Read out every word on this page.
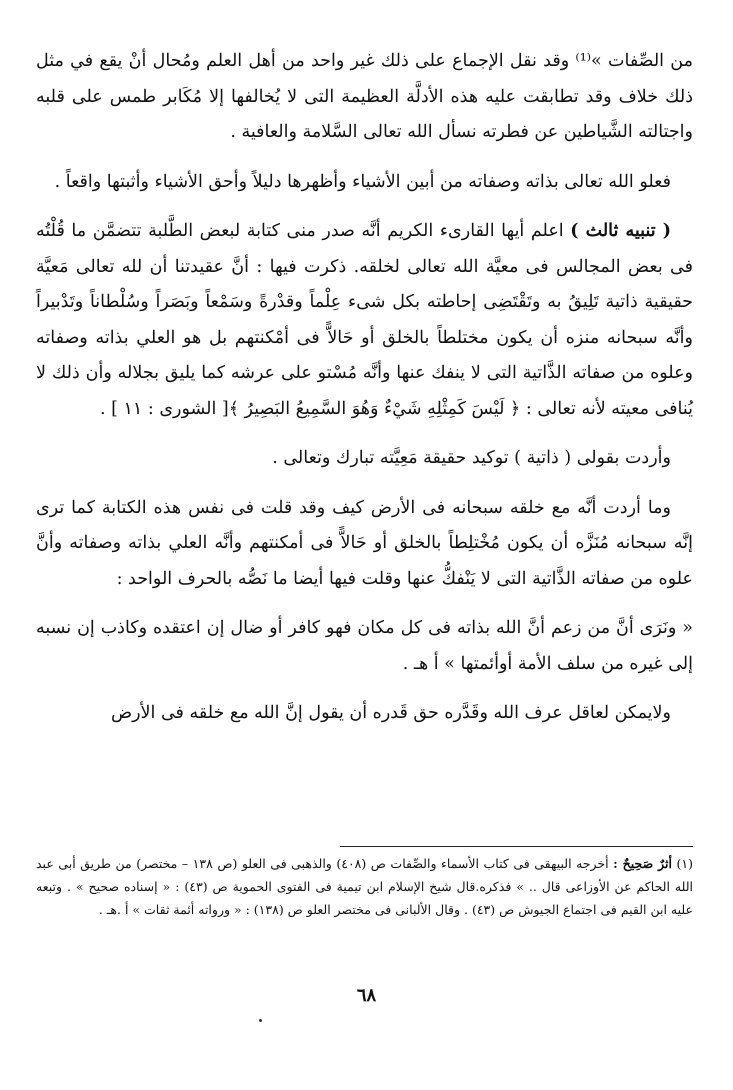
من الصِّفات »⁽¹⁾ وقد نقل الإجماع على ذلك غير واحد من أهل العلم ومُحال أنْ يقع في مثل ذلك خلاف وقد تطابقت عليه هذه الأدلَّة العظيمة التى لا يُخالفها إلا مُكَابر طمس على قلبه واجتالته الشَّياطين عن فطرته نسأل الله تعالى السَّلامة والعافية .

فعلو الله تعالى بذاته وصفاته من أبين الأشياء وأظهرها دليلاً وأحق الأشياء وأثبتها واقعاً .

( تنبيه ثالث ) اعلم أيها القارىء الكريم أنَّه صدر منى كتابة لبعض الطَّلبة تتضمَّن ما قُلْتُه فى بعض المجالس فى معيَّة الله تعالى لخلقه. ذكرت فيها : أنَّ عقيدتنا أن لله تعالى مَعيَّة حقيقية ذاتية تَلِيقُ به وتَقْتَضِى إحاطته بكل شىء عِلْماً وقدْرةً وسَمْعاً وبَصَراً وسُلْطاناً وتَدْبيراً وأنَّه سبحانه منزه أن يكون مختلطاً بالخلق أو حَالاًّ فى أمْكنتهم بل هو العلي بذاته وصفاته وعلوه من صفاته الذَّاتية التى لا ينفك عنها وأنَّه مُسْتو على عرشه كما يليق بجلاله وأن ذلك لا يُنافى معيته لأنه تعالى : ﴿ لَيْسَ كَمِثْلِهِ شَيْءٌ وَهُوَ السَّمِيعُ البَصِيرُ ﴾[ الشورى : ١١ ] .

وأردت بقولى ( ذاتية ) توكيد حقيقة مَعِيَّته تبارك وتعالى .

وما أردت أنَّه مع خلقه سبحانه فى الأرض كيف وقد قلت فى نفس هذه الكتابة كما ترى إنَّه سبحانه مُنَزَّه أن يكون مُخْتلِطاً بالخلق أو حَالاًّ فى أمكنتهم وأنَّه العلي بذاته وصفاته وأنَّ علوه من صفاته الذَّاتية التى لا يَنْفكُّ عنها وقلت فيها أيضا ما نَصُّه بالحرف الواحد :

« ونَرَى أنَّ من زعم أنَّ الله بذاته فى كل مكان فهو كافر أو ضال إن اعتقده وكاذب إن نسبه إلى غيره من سلف الأمة أوأئمتها » أ هـ .

ولايمكن لعاقل عرف الله وقَدَّره حق قَدره أن يقول إنَّ الله مع خلقه فى الأرض

(١) أثرٌ صَحِيحٌ : أخرجه البيهقى فى كتاب الأسماء والصِّفات ص (٤٠٨) والذهبى فى العلو (ص ١٣٨ – مختصر) من طريق أبى عبد الله الحاكم عن الأوزاعى قال .. » فذكره.قال شيخ الإسلام ابن تيمية فى الفتوى الحموية ص (٤٣) : « إسناده صحيح » . وتبعه عليه ابن القيم فى اجتماع الجيوش ص (٤٣) . وقال الألبانى فى مختصر العلو ص (١٣٨) : « ورواته أئمة ثقات » أ .هـ .

٦٨
